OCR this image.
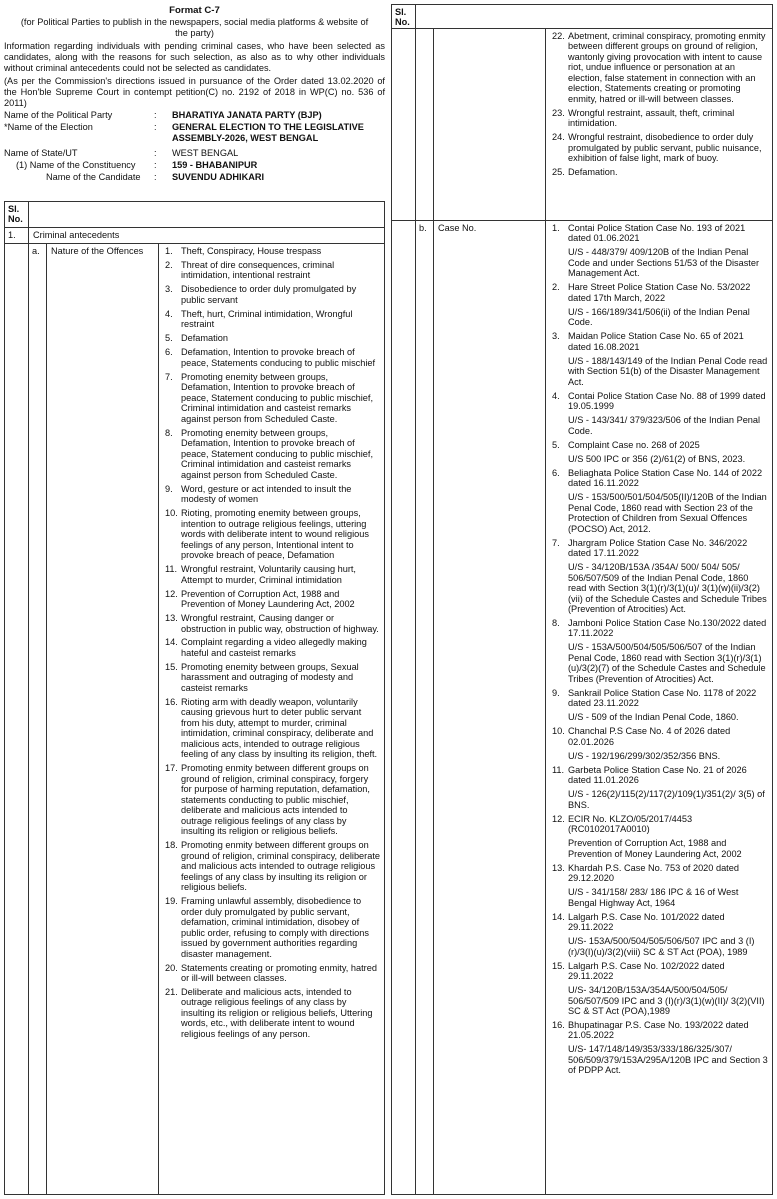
Format C-7
(for Political Parties to publish in the newspapers, social media platforms & website of the party)
Information regarding individuals with pending criminal cases, who have been selected as candidates, along with the reasons for such selection, as also as to why other individuals without criminal antecedents could not be selected as candidates.
(As per the Commission's directions issued in pursuance of the Order dated 13.02.2020 of the Hon'ble Supreme Court in contempt petition(C) no. 2192 of 2018 in WP(C) no. 536 of 2011)
Name of the Political Party	:	BHARATIYA JANATA PARTY (BJP)
*Name of the Election	:	GENERAL ELECTION TO THE LEGISLATIVE ASSEMBLY-2026, WEST BENGAL
Name of State/UT	:	WEST BENGAL
(1) Name of the Constituency	:	159 - BHABANIPUR
Name of the Candidate	:	SUVENDU ADHIKARI
Sl. No.
1.	Criminal antecedents
a.	Nature of the Offences	1. Theft, Conspiracy, House trespass
2. Threat of dire consequences, criminal intimidation, intentional restraint
3. Disobedience to order duly promulgated by public servant
4. Theft, hurt, Criminal intimidation, Wrongful restraint
5. Defamation
6. Defamation, Intention to provoke breach of peace, Statements conducing to public mischief
7. Promoting enemity between groups, Defamation, Intention to provoke breach of peace, Statement conducing to public mischief, Criminal intimidation and casteist remarks against person from Scheduled Caste.
8. Promoting enemity between groups, Defamation, Intention to provoke breach of peace, Statement conducing to public mischief, Criminal intimidation and casteist remarks against person from Scheduled Caste.
9. Word, gesture or act intended to insult the modesty of women
10. Rioting, promoting enemity between groups, intention to outrage religious feelings, uttering words with deliberate intent to wound religious feelings of any person, Intentional intent to provoke breach of peace, Defamation
11. Wrongful restraint, Voluntarily causing hurt, Attempt to murder, Criminal intimidation
12. Prevention of Corruption Act, 1988 and Prevention of Money Laundering Act, 2002
13. Wrongful restraint, Causing danger or obstruction in public way, obstruction of highway.
14. Complaint regarding a video allegedly making hateful and casteist remarks
15. Promoting enemity between groups, Sexual harassment and outraging of modesty and casteist remarks
16. Rioting arm with deadly weapon, voluntarily causing grievous hurt to deter public servant from his duty, attempt to murder, criminal intimidation, criminal conspiracy, deliberate and malicious acts, intended to outrage religious feeling of any class by insulting its religion, theft.
17. Promoting enmity between different groups on ground of religion, criminal conspiracy, forgery for purpose of harming reputation, defamation, statements conducting to public mischief, deliberate and malicious acts intended to outrage religious feelings of any class by insulting its religion or religious beliefs.
18. Promoting enmity between different groups on ground of religion, criminal conspiracy, deliberate and malicious acts intended to outrage religious feelings of any class by insulting its religion or religious beliefs.
19. Framing unlawful assembly, disobedience to order duly promulgated by public servant, defamation, criminal intimidation, disobey of public order, refusing to comply with directions issued by government authorities regarding disaster management.
20. Statements creating or promoting enmity, hatred or ill-will between classes.
21. Deliberate and malicious acts, intended to outrage religious feelings of any class by insulting its religion or religious beliefs, Uttering words, etc., with deliberate intent to wound religious feelings of any person.
Sl. No.
22. Abetment, criminal conspiracy, promoting enmity between different groups on ground of religion, wantonly giving provocation with intent to cause riot, undue influence or personation at an election, false statement in connection with an election, Statements creating or promoting enmity, hatred or ill-will between classes.
23. Wrongful restraint, assault, theft, criminal intimidation.
24. Wrongful restraint, disobedience to order duly promulgated by public servant, public nuisance, exhibition of false light, mark of buoy.
25. Defamation.
b.	Case No.	1. Contai Police Station Case No. 193 of 2021 dated 01.06.2021
U/S - 448/379/ 409/120B of the Indian Penal Code and under Sections 51/53 of the Disaster Management Act.
2. Hare Street Police Station Case No. 53/2022 dated 17th March, 2022
U/S - 166/189/341/506(ii) of the Indian Penal Code.
3. Maidan Police Station Case No. 65 of 2021 dated 16.08.2021
U/S - 188/143/149 of the Indian Penal Code read with Section 51(b) of the Disaster Management Act.
4. Contai Police Station Case No. 88 of 1999 dated 19.05.1999
U/S - 143/341/ 379/323/506 of the Indian Penal Code.
5. Complaint Case no. 268 of 2025
U/S 500 IPC or 356 (2)/61(2) of BNS, 2023.
6. Beliaghata Police Station Case No. 144 of 2022 dated 16.11.2022
U/S - 153/500/501/504/505(II)/120B of the Indian Penal Code, 1860 read with Section 23 of the Protection of Children from Sexual Offences (POCSO) Act, 2012.
7. Jhargram Police Station Case No. 346/2022 dated 17.11.2022
U/S - 34/120B/153A /354A/ 500/ 504/ 505/ 506/507/509 of the Indian Penal Code, 1860 read with Section 3(1)(r)/3(1)(u)/ 3(1)(w)(ii)/3(2)(vii) of the Schedule Castes and Schedule Tribes (Prevention of Atrocities) Act.
8. Jamboni Police Station Case No.130/2022 dated 17.11.2022
U/S - 153A/500/504/505/506/507 of the Indian Penal Code, 1860 read with Section 3(1)(r)/3(1)(u)/3(2)(7) of the Schedule Castes and Schedule Tribes (Prevention of Atrocities) Act.
9. Sankrail Police Station Case No. 1178 of 2022 dated 23.11.2022
U/S - 509 of the Indian Penal Code, 1860.
10. Chanchal P.S Case No. 4 of 2026 dated 02.01.2026
U/S - 192/196/299/302/352/356 BNS.
11. Garbeta Police Station Case No. 21 of 2026 dated 11.01.2026
U/S - 126(2)/115(2)/117(2)/109(1)/351(2)/ 3(5) of BNS.
12. ECIR No. KLZO/05/2017/4453 (RC0102017A0010)
Prevention of Corruption Act, 1988 and Prevention of Money Laundering Act, 2002
13. Khardah P.S. Case No. 753 of 2020 dated 29.12.2020
U/S - 341/158/ 283/ 186 IPC & 16 of West Bengal Highway Act, 1964
14. Lalgarh P.S. Case No. 101/2022 dated 29.11.2022
U/S- 153A/500/504/505/506/507 IPC and 3 (I)(r)/3(I)(u)/3(2)(viii) SC & ST Act (POA), 1989
15. Lalgarh P.S. Case No. 102/2022 dated 29.11.2022
U/S- 34/120B/153A/354A/500/504/505/ 506/507/509 IPC and 3 (I)(r)/3(1)(w)(II)/ 3(2)(VII) SC & ST Act (POA),1989
16. Bhupatinagar P.S. Case No. 193/2022 dated 21.05.2022
U/S- 147/148/149/353/333/186/325/307/ 506/509/379/153A/295A/120B IPC and Section 3 of PDPP Act.
